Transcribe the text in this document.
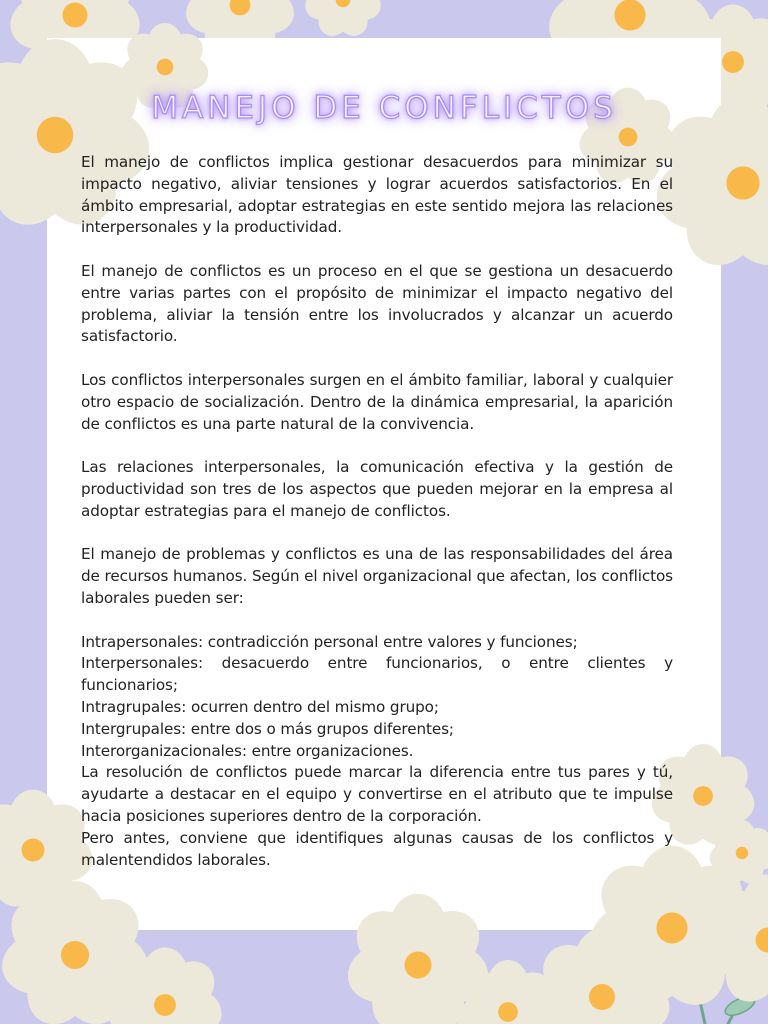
MANEJO DE CONFLICTOS

El manejo de conflictos implica gestionar desacuerdos para minimizar su impacto negativo, aliviar tensiones y lograr acuerdos satisfactorios. En el ámbito empresarial, adoptar estrategias en este sentido mejora las relaciones interpersonales y la productividad.

El manejo de conflictos es un proceso en el que se gestiona un desacuerdo entre varias partes con el propósito de minimizar el impacto negativo del problema, aliviar la tensión entre los involucrados y alcanzar un acuerdo satisfactorio.

Los conflictos interpersonales surgen en el ámbito familiar, laboral y cualquier otro espacio de socialización. Dentro de la dinámica empresarial, la aparición de conflictos es una parte natural de la convivencia.

Las relaciones interpersonales, la comunicación efectiva y la gestión de productividad son tres de los aspectos que pueden mejorar en la empresa al adoptar estrategias para el manejo de conflictos.

El manejo de problemas y conflictos es una de las responsabilidades del área de recursos humanos. Según el nivel organizacional que afectan, los conflictos laborales pueden ser:

Intrapersonales: contradicción personal entre valores y funciones;
Interpersonales: desacuerdo entre funcionarios, o entre clientes y funcionarios;
Intragrupales: ocurren dentro del mismo grupo;
Intergrupales: entre dos o más grupos diferentes;
Interorganizacionales: entre organizaciones.
La resolución de conflictos puede marcar la diferencia entre tus pares y tú, ayudarte a destacar en el equipo y convertirse en el atributo que te impulse hacia posiciones superiores dentro de la corporación.
Pero antes, conviene que identifiques algunas causas de los conflictos y malentendidos laborales.
